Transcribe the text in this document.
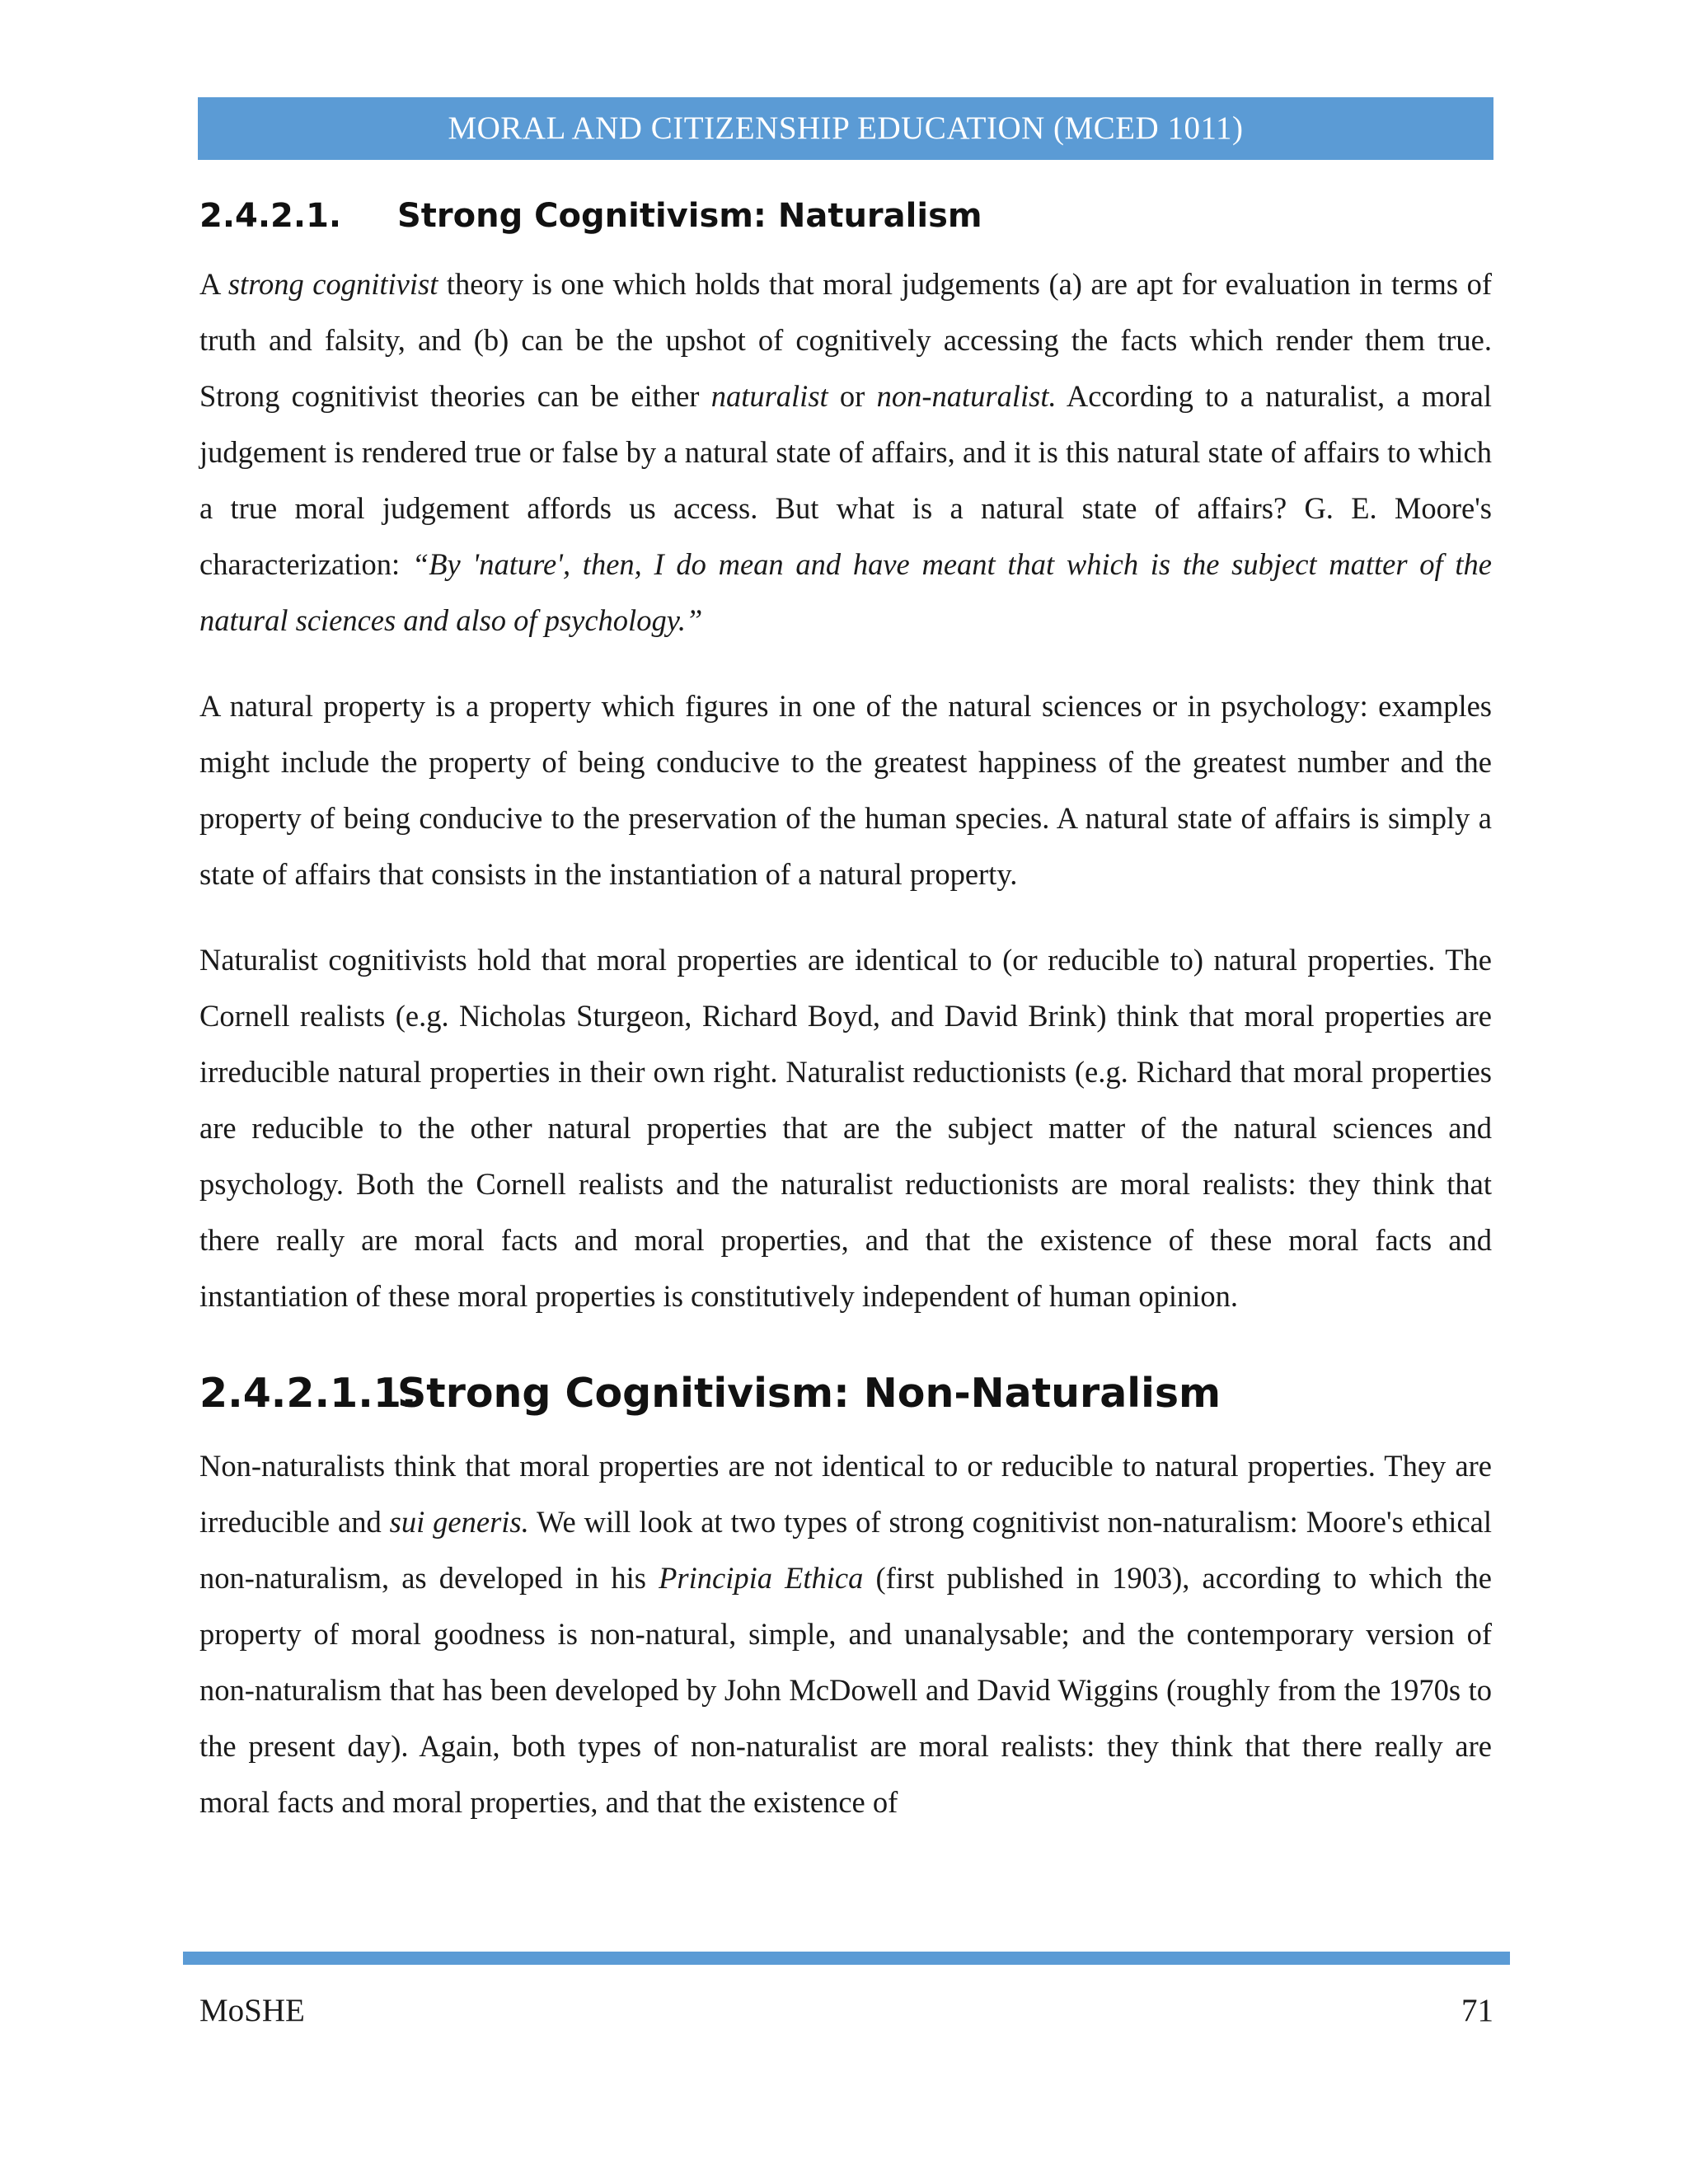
MORAL AND CITIZENSHIP EDUCATION (MCED 1011)
2.4.2.1. Strong Cognitivism: Naturalism

A strong cognitivist theory is one which holds that moral judgements (a) are apt for evaluation in terms of truth and falsity, and (b) can be the upshot of cognitively accessing the facts which render them true. Strong cognitivist theories can be either naturalist or non-naturalist. According to a naturalist, a moral judgement is rendered true or false by a natural state of affairs, and it is this natural state of affairs to which a true moral judgement affords us access. But what is a natural state of affairs? G. E. Moore's characterization: “By 'nature', then, I do mean and have meant that which is the subject matter of the natural sciences and also of psychology.”

A natural property is a property which figures in one of the natural sciences or in psychology: examples might include the property of being conducive to the greatest happiness of the greatest number and the property of being conducive to the preservation of the human species. A natural state of affairs is simply a state of affairs that consists in the instantiation of a natural property.

Naturalist cognitivists hold that moral properties are identical to (or reducible to) natural properties. The Cornell realists (e.g. Nicholas Sturgeon, Richard Boyd, and David Brink) think that moral properties are irreducible natural properties in their own right. Naturalist reductionists (e.g. Richard that moral properties are reducible to the other natural properties that are the subject matter of the natural sciences and psychology. Both the Cornell realists and the naturalist reductionists are moral realists: they think that there really are moral facts and moral properties, and that the existence of these moral facts and instantiation of these moral properties is constitutively independent of human opinion.

2.4.2.1.1.Strong Cognitivism: Non-Naturalism

Non-naturalists think that moral properties are not identical to or reducible to natural properties. They are irreducible and sui generis. We will look at two types of strong cognitivist non-naturalism: Moore's ethical non-naturalism, as developed in his Principia Ethica (first published in 1903), according to which the property of moral goodness is non-natural, simple, and unanalysable; and the contemporary version of non-naturalism that has been developed by John McDowell and David Wiggins (roughly from the 1970s to the present day). Again, both types of non-naturalist are moral realists: they think that there really are moral facts and moral properties, and that the existence of

MoSHE	71
